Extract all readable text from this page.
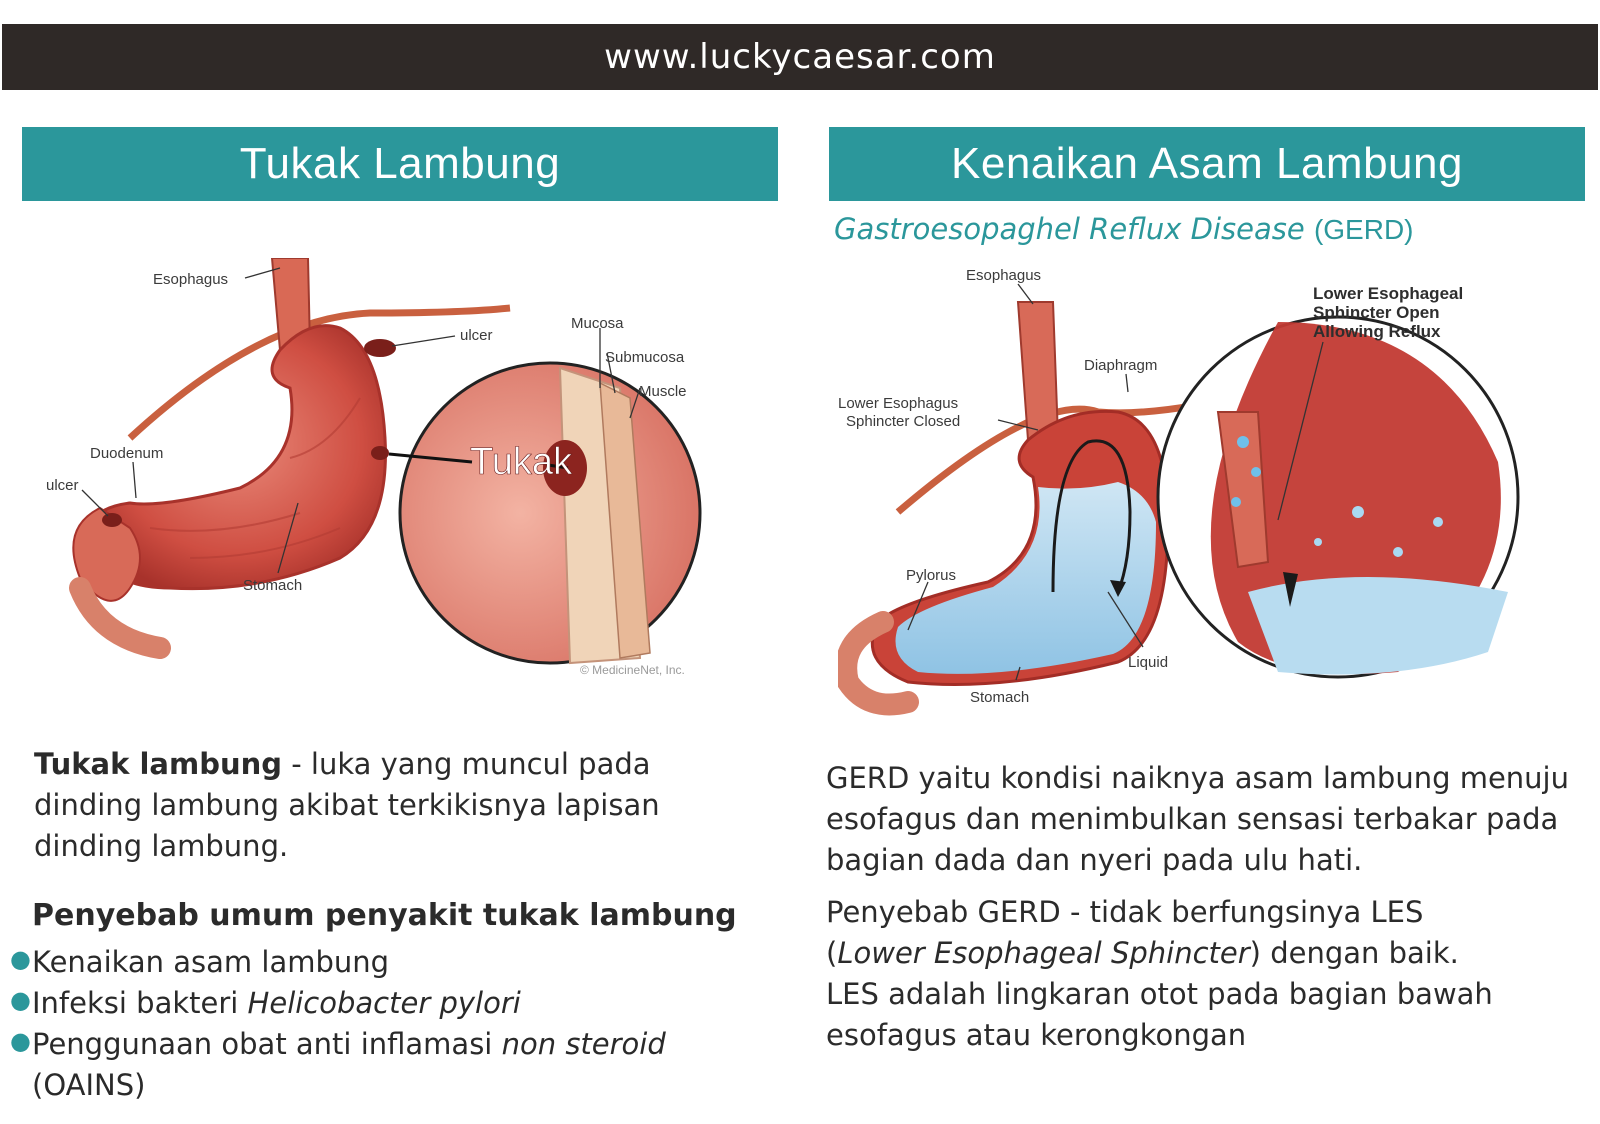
www.luckycaesar.com
Tukak Lambung	Kenaikan Asam Lambung
Gastroesopaghel Reflux Disease (GERD)
Esophagus
ulcer
Mucosa
Submucosa
Muscle
Duodenum
ulcer
Stomach
Tukak
© MedicineNet, Inc.
Esophagus
Lower Esophageal
Sphincter Open
Allowing Reflux
Diaphragm
Lower Esophagus
Sphincter Closed
Pylorus
Liquid
Stomach
Tukak lambung - luka yang muncul pada dinding lambung akibat terkikisnya lapisan dinding lambung.
Penyebab umum penyakit tukak lambung
● Kenaikan asam lambung
● Infeksi bakteri Helicobacter pylori
● Penggunaan obat anti inflamasi non steroid
(OAINS)
GERD yaitu kondisi naiknya asam lambung menuju esofagus dan menimbulkan sensasi terbakar pada bagian dada dan nyeri pada ulu hati.
Penyebab GERD - tidak berfungsinya LES
(Lower Esophageal Sphincter) dengan baik.
LES adalah lingkaran otot pada bagian bawah esofagus atau kerongkongan
